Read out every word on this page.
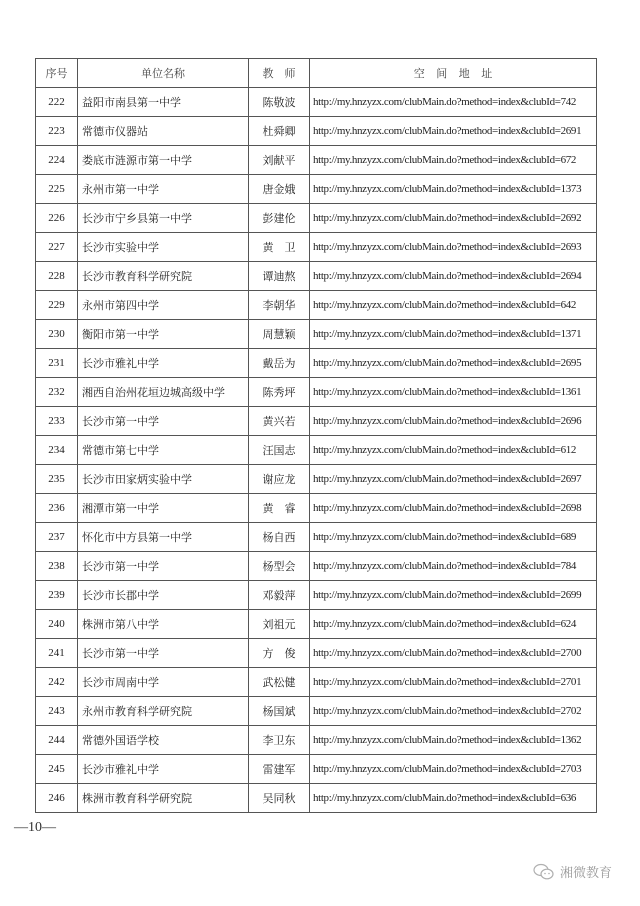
序号	单位名称	教　师	空 间 地 址
222	益阳市南县第一中学	陈敬波	http://my.hnzyzx.com/clubMain.do?method=index&clubId=742
223	常德市仪器站	杜舜卿	http://my.hnzyzx.com/clubMain.do?method=index&clubId=2691
224	娄底市涟源市第一中学	刘献平	http://my.hnzyzx.com/clubMain.do?method=index&clubId=672
225	永州市第一中学	唐金娥	http://my.hnzyzx.com/clubMain.do?method=index&clubId=1373
226	长沙市宁乡县第一中学	彭建伦	http://my.hnzyzx.com/clubMain.do?method=index&clubId=2692
227	长沙市实验中学	黄　卫	http://my.hnzyzx.com/clubMain.do?method=index&clubId=2693
228	长沙市教育科学研究院	谭迪熬	http://my.hnzyzx.com/clubMain.do?method=index&clubId=2694
229	永州市第四中学	李朝华	http://my.hnzyzx.com/clubMain.do?method=index&clubId=642
230	衡阳市第一中学	周慧颖	http://my.hnzyzx.com/clubMain.do?method=index&clubId=1371
231	长沙市雅礼中学	戴岳为	http://my.hnzyzx.com/clubMain.do?method=index&clubId=2695
232	湘西自治州花垣边城高级中学	陈秀坪	http://my.hnzyzx.com/clubMain.do?method=index&clubId=1361
233	长沙市第一中学	黄兴若	http://my.hnzyzx.com/clubMain.do?method=index&clubId=2696
234	常德市第七中学	汪国志	http://my.hnzyzx.com/clubMain.do?method=index&clubId=612
235	长沙市田家炳实验中学	谢应龙	http://my.hnzyzx.com/clubMain.do?method=index&clubId=2697
236	湘潭市第一中学	黄　睿	http://my.hnzyzx.com/clubMain.do?method=index&clubId=2698
237	怀化市中方县第一中学	杨自西	http://my.hnzyzx.com/clubMain.do?method=index&clubId=689
238	长沙市第一中学	杨型会	http://my.hnzyzx.com/clubMain.do?method=index&clubId=784
239	长沙市长郡中学	邓毅萍	http://my.hnzyzx.com/clubMain.do?method=index&clubId=2699
240	株洲市第八中学	刘祖元	http://my.hnzyzx.com/clubMain.do?method=index&clubId=624
241	长沙市第一中学	方　俊	http://my.hnzyzx.com/clubMain.do?method=index&clubId=2700
242	长沙市周南中学	武松健	http://my.hnzyzx.com/clubMain.do?method=index&clubId=2701
243	永州市教育科学研究院	杨国斌	http://my.hnzyzx.com/clubMain.do?method=index&clubId=2702
244	常德外国语学校	李卫东	http://my.hnzyzx.com/clubMain.do?method=index&clubId=1362
245	长沙市雅礼中学	雷建军	http://my.hnzyzx.com/clubMain.do?method=index&clubId=2703
246	株洲市教育科学研究院	吴同秋	http://my.hnzyzx.com/clubMain.do?method=index&clubId=636
—10—
湘微教育
